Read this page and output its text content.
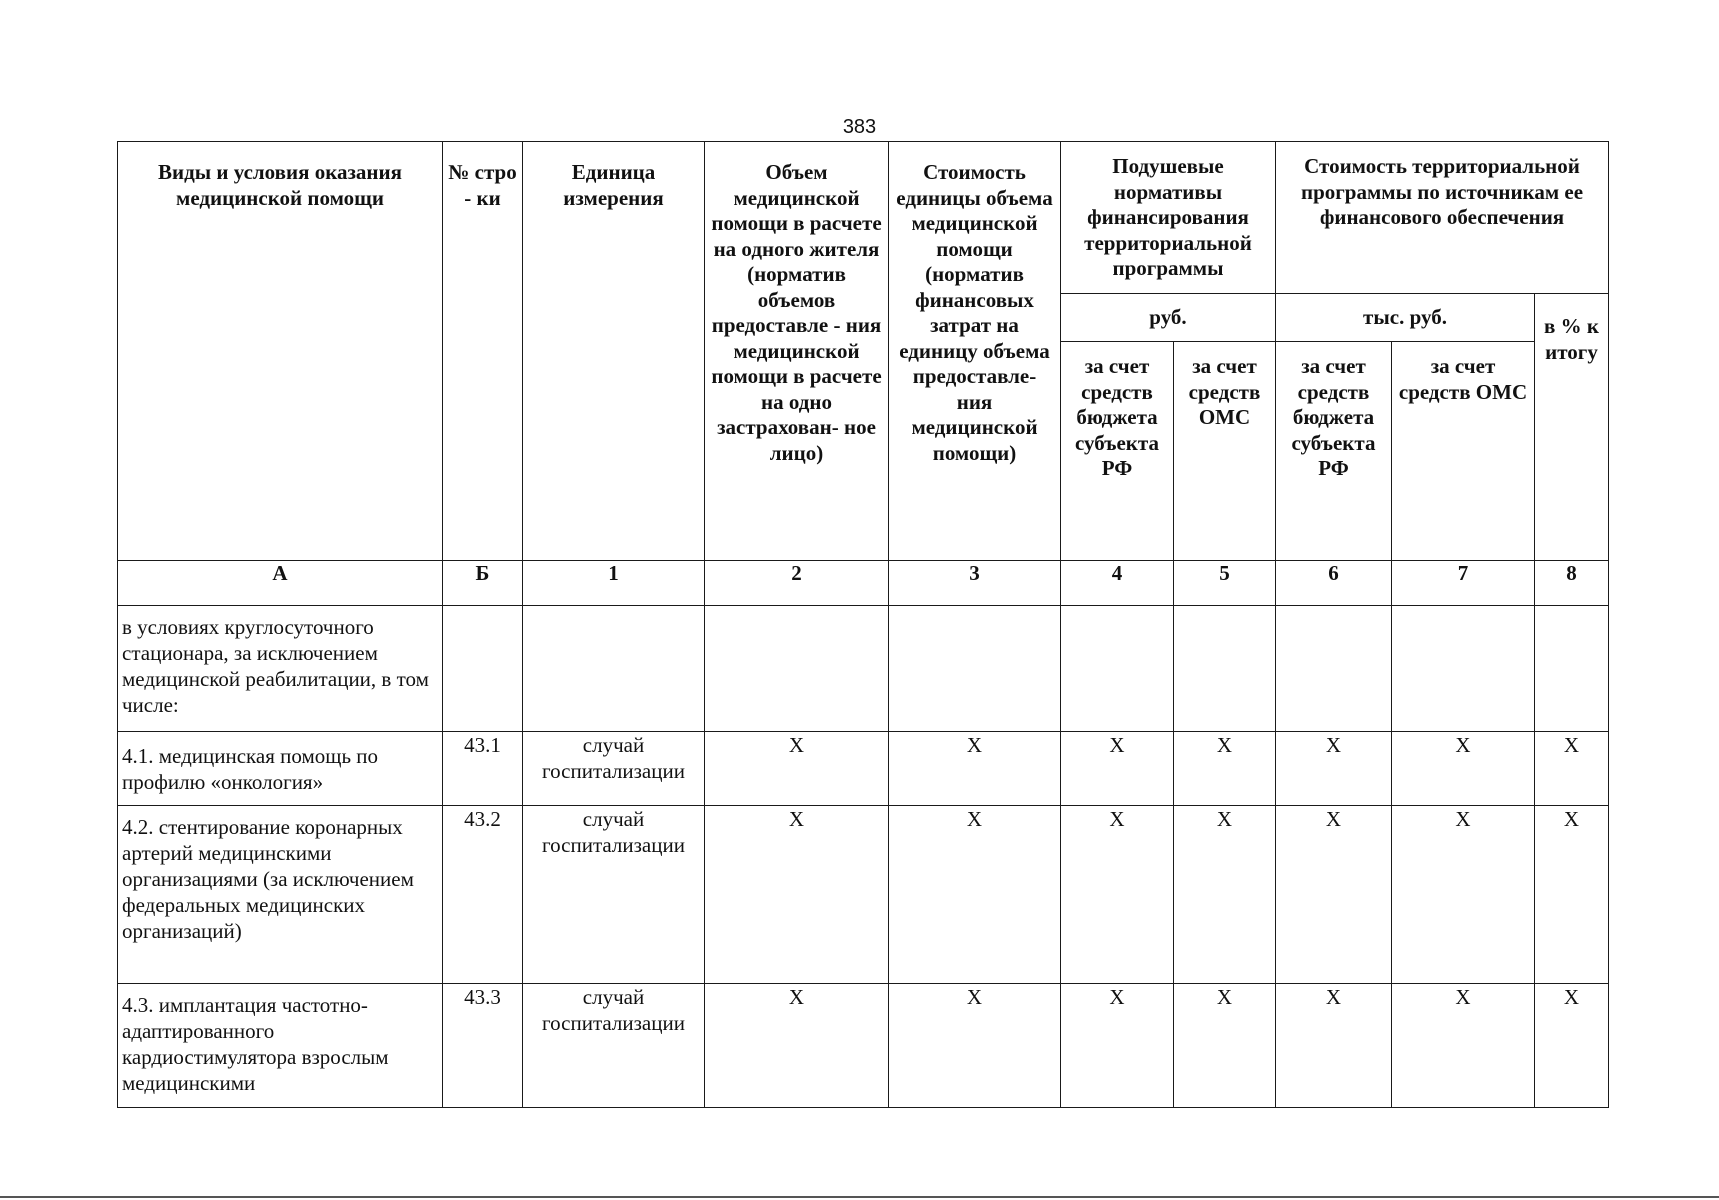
383
Виды и условия оказания медицинской помощи	№ стро - ки	Единица измерения	Объем медицинской помощи в расчете на одного жителя (норматив объемов предоставле - ния медицинской помощи в расчете на одно застрахован- ное лицо)	Стоимость единицы объема медицинской помощи (норматив финансовых затрат на единицу объема предоставле- ния медицинской помощи)	Подушевые нормативы финансирования территориальной программы		Стоимость территориальной программы по источникам ее финансового обеспечения		
					руб.		тыс. руб.		в % к итогу
					за счет средств бюджета субъекта РФ	за счет средств ОМС	за счет средств бюджета субъекта РФ	за счет средств ОМС	
А	Б	1	2	3	4	5	6	7	8
в условиях круглосуточного стационара, за исключением медицинской реабилитации, в том числе:									
4.1. медицинская помощь по профилю «онкология»	43.1	случай госпитализации	Х	Х	Х	Х	Х	Х	Х
4.2. стентирование коронарных артерий медицинскими организациями (за исключением федеральных медицинских организаций)	43.2	случай госпитализации	Х	Х	Х	Х	Х	Х	Х
4.3. имплантация частотно-адаптированного кардиостимулятора взрослым медицинскими	43.3	случай госпитализации	Х	Х	Х	Х	Х	Х	Х
